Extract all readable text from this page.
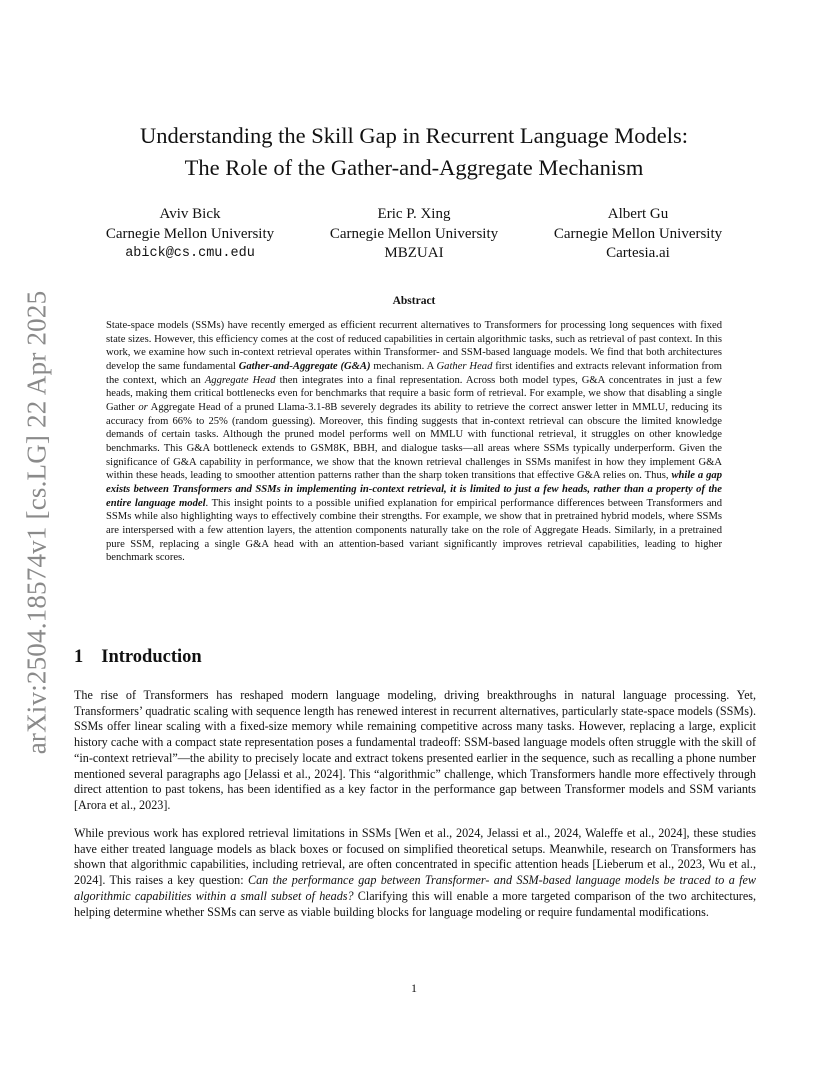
arXiv:2504.18574v1 [cs.LG] 22 Apr 2025
Understanding the Skill Gap in Recurrent Language Models:
The Role of the Gather-and-Aggregate Mechanism
Aviv Bick
Carnegie Mellon University
abick@cs.cmu.edu
Eric P. Xing
Carnegie Mellon University
MBZUAI
Albert Gu
Carnegie Mellon University
Cartesia.ai
Abstract
State-space models (SSMs) have recently emerged as efficient recurrent alternatives to Transformers for processing long sequences with fixed state sizes. However, this efficiency comes at the cost of reduced capabilities in certain algorithmic tasks, such as retrieval of past context. In this work, we examine how such in-context retrieval operates within Transformer- and SSM-based language models. We find that both architectures develop the same fundamental Gather-and-Aggregate (G&A) mechanism. A Gather Head first identifies and extracts relevant information from the context, which an Aggregate Head then integrates into a final representation. Across both model types, G&A concentrates in just a few heads, making them critical bottlenecks even for benchmarks that require a basic form of retrieval. For example, we show that disabling a single Gather or Aggregate Head of a pruned Llama-3.1-8B severely degrades its ability to retrieve the correct answer letter in MMLU, reducing its accuracy from 66% to 25% (random guessing). Moreover, this finding suggests that in-context retrieval can obscure the limited knowledge demands of certain tasks. Although the pruned model performs well on MMLU with functional retrieval, it struggles on other knowledge benchmarks. This G&A bottleneck extends to GSM8K, BBH, and dialogue tasks—all areas where SSMs typically underperform. Given the significance of G&A capability in performance, we show that the known retrieval challenges in SSMs manifest in how they implement G&A within these heads, leading to smoother attention patterns rather than the sharp token transitions that effective G&A relies on. Thus, while a gap exists between Transformers and SSMs in implementing in-context retrieval, it is limited to just a few heads, rather than a property of the entire language model. This insight points to a possible unified explanation for empirical performance differences between Transformers and SSMs while also highlighting ways to effectively combine their strengths. For example, we show that in pretrained hybrid models, where SSMs are interspersed with a few attention layers, the attention components naturally take on the role of Aggregate Heads. Similarly, in a pretrained pure SSM, replacing a single G&A head with an attention-based variant significantly improves retrieval capabilities, leading to higher benchmark scores.
1 Introduction
The rise of Transformers has reshaped modern language modeling, driving breakthroughs in natural language processing. Yet, Transformers’ quadratic scaling with sequence length has renewed interest in recurrent alternatives, particularly state-space models (SSMs). SSMs offer linear scaling with a fixed-size memory while remaining competitive across many tasks. However, replacing a large, explicit history cache with a compact state representation poses a fundamental tradeoff: SSM-based language models often struggle with the skill of “in-context retrieval”—the ability to precisely locate and extract tokens presented earlier in the sequence, such as recalling a phone number mentioned several paragraphs ago [Jelassi et al., 2024]. This “algorithmic” challenge, which Transformers handle more effectively through direct attention to past tokens, has been identified as a key factor in the performance gap between Transformer models and SSM variants [Arora et al., 2023].
While previous work has explored retrieval limitations in SSMs [Wen et al., 2024, Jelassi et al., 2024, Waleffe et al., 2024], these studies have either treated language models as black boxes or focused on simplified theoretical setups. Meanwhile, research on Transformers has shown that algorithmic capabilities, including retrieval, are often concentrated in specific attention heads [Lieberum et al., 2023, Wu et al., 2024]. This raises a key question: Can the performance gap between Transformer- and SSM-based language models be traced to a few algorithmic capabilities within a small subset of heads? Clarifying this will enable a more targeted comparison of the two architectures, helping determine whether SSMs can serve as viable building blocks for language modeling or require fundamental modifications.
1
